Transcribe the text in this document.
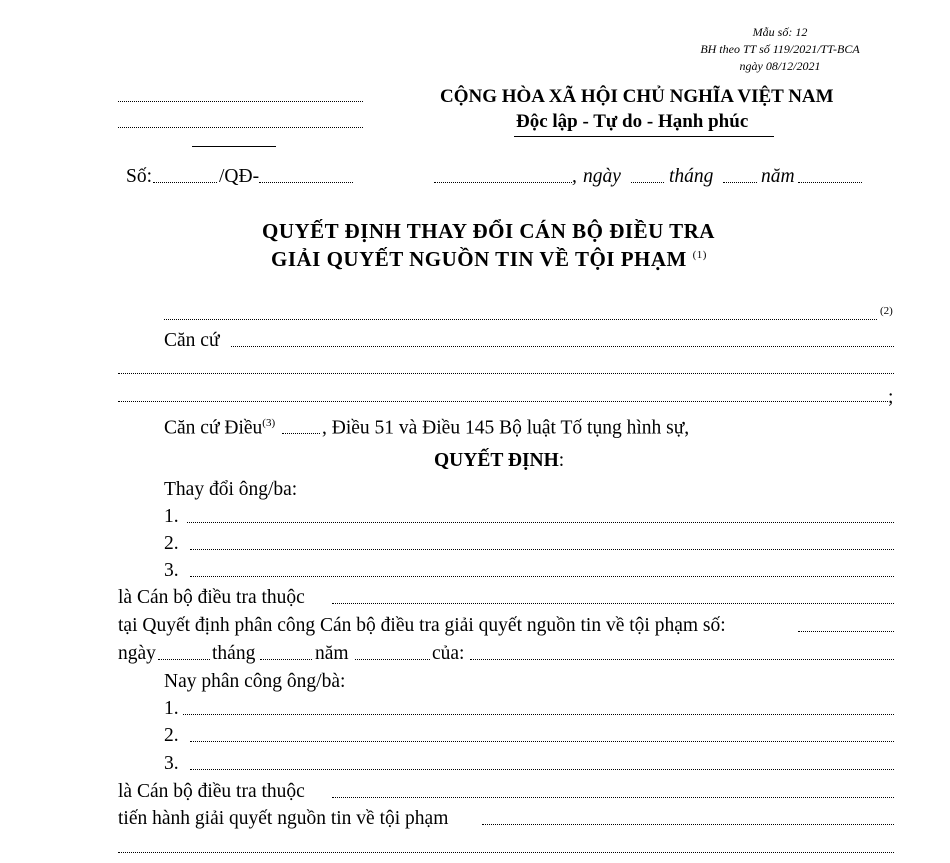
Mẫu số: 12
BH theo TT số 119/2021/TT-BCA
ngày 08/12/2021
CỘNG HÒA XÃ HỘI CHỦ NGHĨA VIỆT NAM
Độc lập - Tự do - Hạnh phúc
Số:	/QĐ-	, ngày tháng năm
QUYẾT ĐỊNH THAY ĐỔI CÁN BỘ ĐIỀU TRA
GIẢI QUYẾT NGUỒN TIN VỀ TỘI PHẠM $^{(1)}$
(2)
Căn cứ
;
Căn cứ Điều$^{(3)}$ , Điều 51 và Điều 145 Bộ luật Tố tụng hình sự,
QUYẾT ĐỊNH:
Thay đổi ông/ba:
1.
2.
3.
là Cán bộ điều tra thuộc
tại Quyết định phân công Cán bộ điều tra giải quyết nguồn tin về tội phạm số:
ngày	tháng	năm	của:
Nay phân công ông/bà:
1.
2.
3.
là Cán bộ điều tra thuộc
tiến hành giải quyết nguồn tin về tội phạm
